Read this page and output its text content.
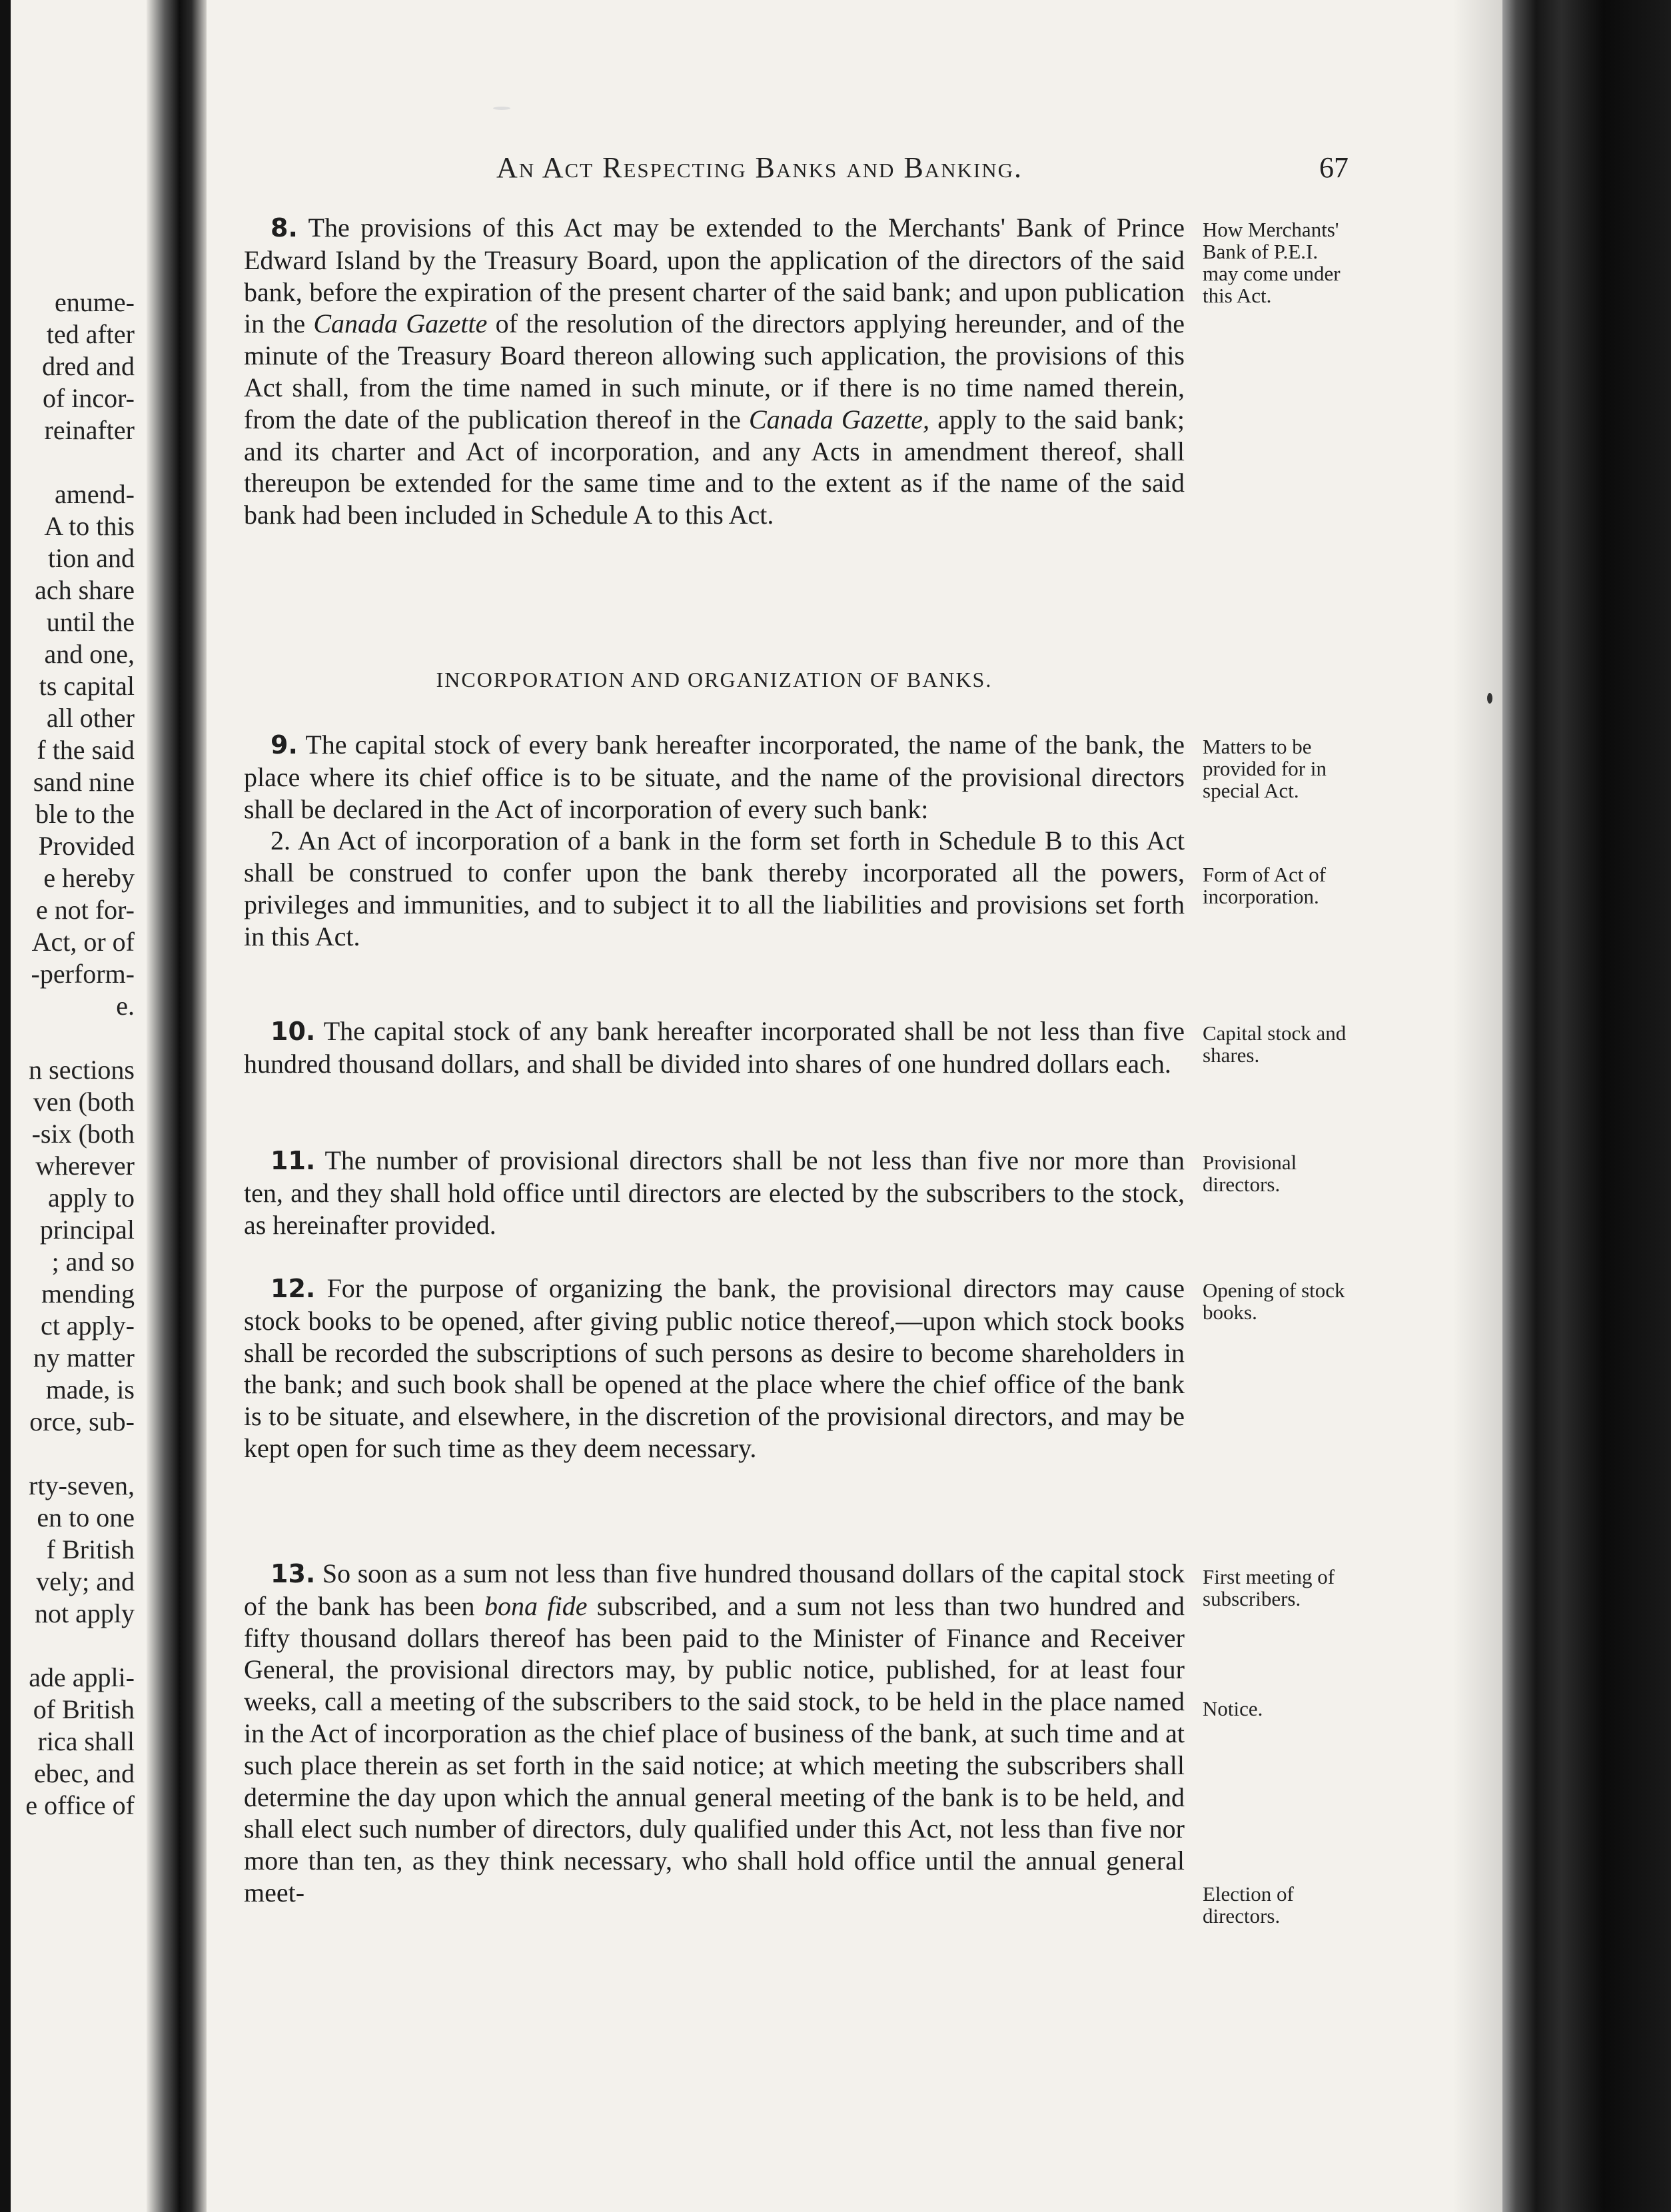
enume-
ted after
dred and
of incor-
reinafter
amend-
A to this
tion and
ach share
until the
and one,
ts capital
all other
f the said
sand nine
ble to the
Provided
e hereby
e not for-
Act, or of
-perform-
e.
n sections
ven (both
-six (both
wherever
apply to
principal
; and so
mending
ct apply-
ny matter
made, is
orce, sub-
rty-seven,
en to one
f British
vely; and
not apply
ade appli-
of British
rica shall
ebec, and
e office of
An Act Respecting Banks and Banking.	67

8. The provisions of this Act may be extended to the Merchants' Bank of Prince Edward Island by the Treasury Board, upon the application of the directors of the said bank, before the expiration of the present charter of the said bank; and upon publication in the Canada Gazette of the resolution of the directors applying hereunder, and of the minute of the Treasury Board thereon allowing such application, the provisions of this Act shall, from the time named in such minute, or if there is no time named therein, from the date of the publication thereof in the Canada Gazette, apply to the said bank; and its charter and Act of incorporation, and any Acts in amendment thereof, shall thereupon be extended for the same time and to the extent as if the name of the said bank had been included in Schedule A to this Act.

How Merchants' Bank of P.E.I. may come under this Act.
INCORPORATION AND ORGANIZATION OF BANKS.

9. The capital stock of every bank hereafter incorporated, the name of the bank, the place where its chief office is to be situate, and the name of the provisional directors shall be declared in the Act of incorporation of every such bank:

2. An Act of incorporation of a bank in the form set forth in Schedule B to this Act shall be construed to confer upon the bank thereby incorporated all the powers, privileges and immunities, and to subject it to all the liabilities and provisions set forth in this Act.

Matters to be provided for in special Act.
Form of Act of incorporation.

10. The capital stock of any bank hereafter incorporated shall be not less than five hundred thousand dollars, and shall be divided into shares of one hundred dollars each.

Capital stock and shares.

11. The number of provisional directors shall be not less than five nor more than ten, and they shall hold office until directors are elected by the subscribers to the stock, as hereinafter provided.

Provisional directors.

12. For the purpose of organizing the bank, the provisional directors may cause stock books to be opened, after giving public notice thereof,—upon which stock books shall be recorded the subscriptions of such persons as desire to become shareholders in the bank; and such book shall be opened at the place where the chief office of the bank is to be situate, and elsewhere, in the discretion of the provisional directors, and may be kept open for such time as they deem necessary.

Opening of stock books.

13. So soon as a sum not less than five hundred thousand dollars of the capital stock of the bank has been bona fide subscribed, and a sum not less than two hundred and fifty thousand dollars thereof has been paid to the Minister of Finance and Receiver General, the provisional directors may, by public notice, published, for at least four weeks, call a meeting of the subscribers to the said stock, to be held in the place named in the Act of incorporation as the chief place of business of the bank, at such time and at such place therein as set forth in the said notice; at which meeting the subscribers shall determine the day upon which the annual general meeting of the bank is to be held, and shall elect such number of directors, duly qualified under this Act, not less than five nor more than ten, as they think necessary, who shall hold office until the annual general meet-

First meeting of subscribers.
Notice.
Election of directors.
